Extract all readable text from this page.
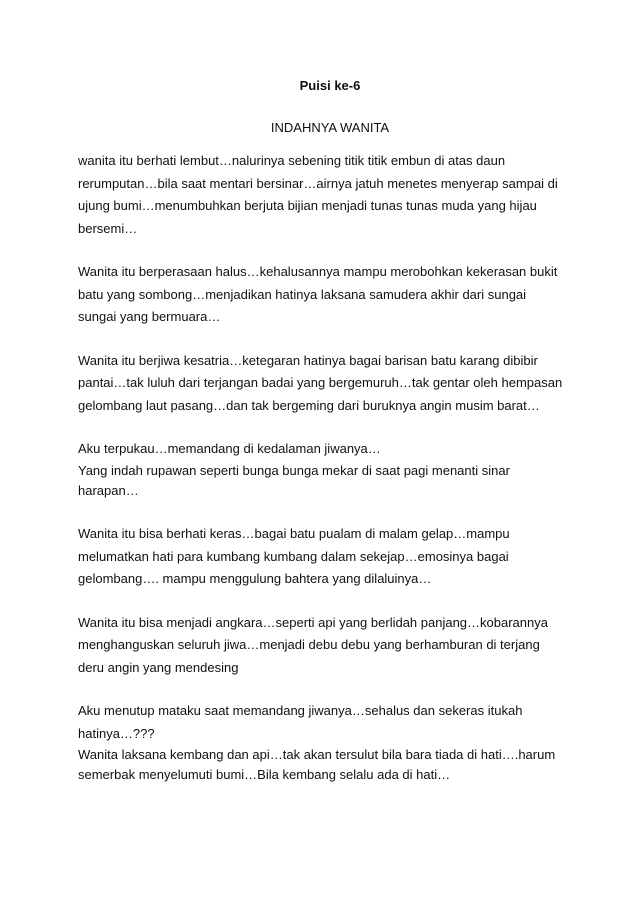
Puisi ke-6
INDAHNYA WANITA

wanita itu berhati lembut…nalurinya sebening titik titik embun di atas daun
rerumputan…bila saat mentari bersinar…airnya jatuh menetes menyerap sampai di
ujung bumi…menumbuhkan berjuta bijian menjadi tunas tunas muda yang hijau
bersemi…

Wanita itu berperasaan halus…kehalusannya mampu merobohkan kekerasan bukit
batu yang sombong…menjadikan hatinya laksana samudera akhir dari sungai
sungai yang bermuara…

Wanita itu berjiwa kesatria…ketegaran hatinya bagai barisan batu karang dibibir
pantai…tak luluh dari terjangan badai yang bergemuruh…tak gentar oleh hempasan
gelombang laut pasang…dan tak bergeming dari buruknya angin musim barat…

Aku terpukau…memandang di kedalaman jiwanya…
Yang indah rupawan seperti bunga bunga mekar di saat pagi menanti sinar
harapan…

Wanita itu bisa berhati keras…bagai batu pualam di malam gelap…mampu
melumatkan hati para kumbang kumbang dalam sekejap…emosinya bagai
gelombang…. mampu menggulung bahtera yang dilaluinya…

Wanita itu bisa menjadi angkara…seperti api yang berlidah panjang…kobarannya
menghanguskan seluruh jiwa…menjadi debu debu yang berhamburan di terjang
deru angin yang mendesing

Aku menutup mataku saat memandang jiwanya…sehalus dan sekeras itukah
hatinya…???
Wanita laksana kembang dan api…tak akan tersulut bila bara tiada di hati….harum
semerbak menyelumuti bumi…Bila kembang selalu ada di hati…
